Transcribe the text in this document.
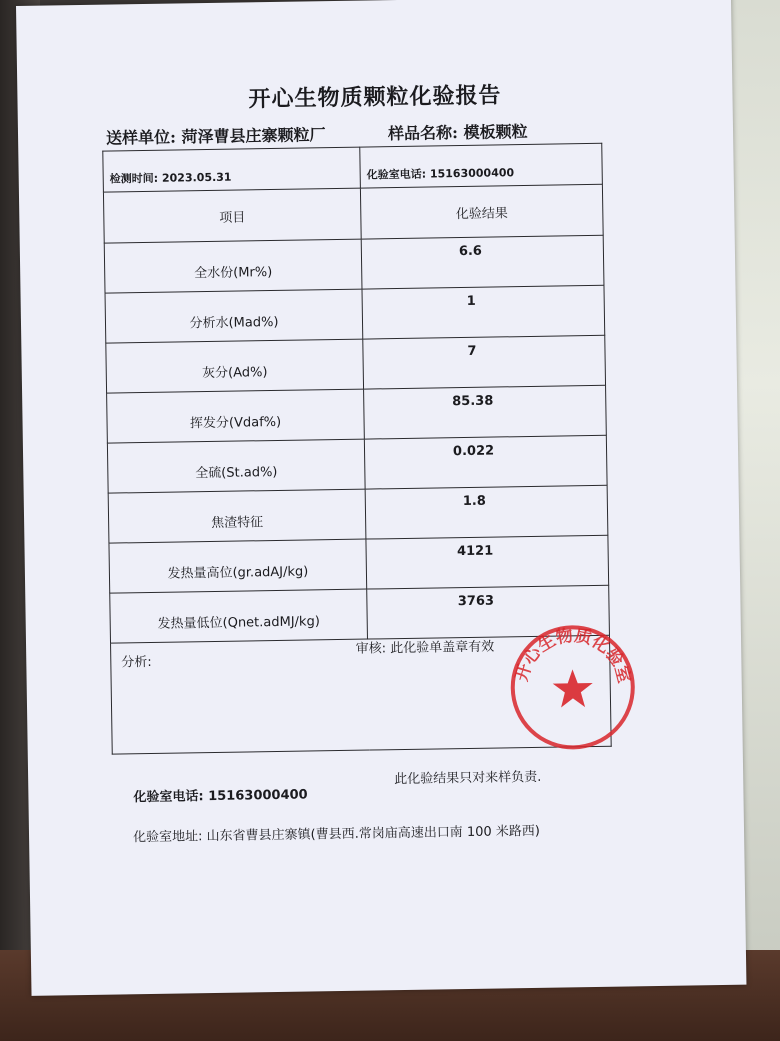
开心生物质颗粒化验报告
送样单位: 菏泽曹县庄寨颗粒厂	样品名称: 模板颗粒
检测时间: 2023.05.31	化验室电话: 15163000400
项目	化验结果
全水份(Mr%)	6.6
分析水(Mad%)	1
灰分(Ad%)	7
挥发分(Vdaf%)	85.38
全硫(St.ad%)	0.022
焦渣特征	1.8
发热量高位(gr.adAJ/kg)	4121
发热量低位(Qnet.adMJ/kg)	3763
分析: 审核: 此化验单盖章有效	
化验室电话: 15163000400
此化验结果只对来样负责.
化验室地址: 山东省曹县庄寨镇(曹县西.常岗庙高速出口南 100 米路西)
开心生物质化验室
